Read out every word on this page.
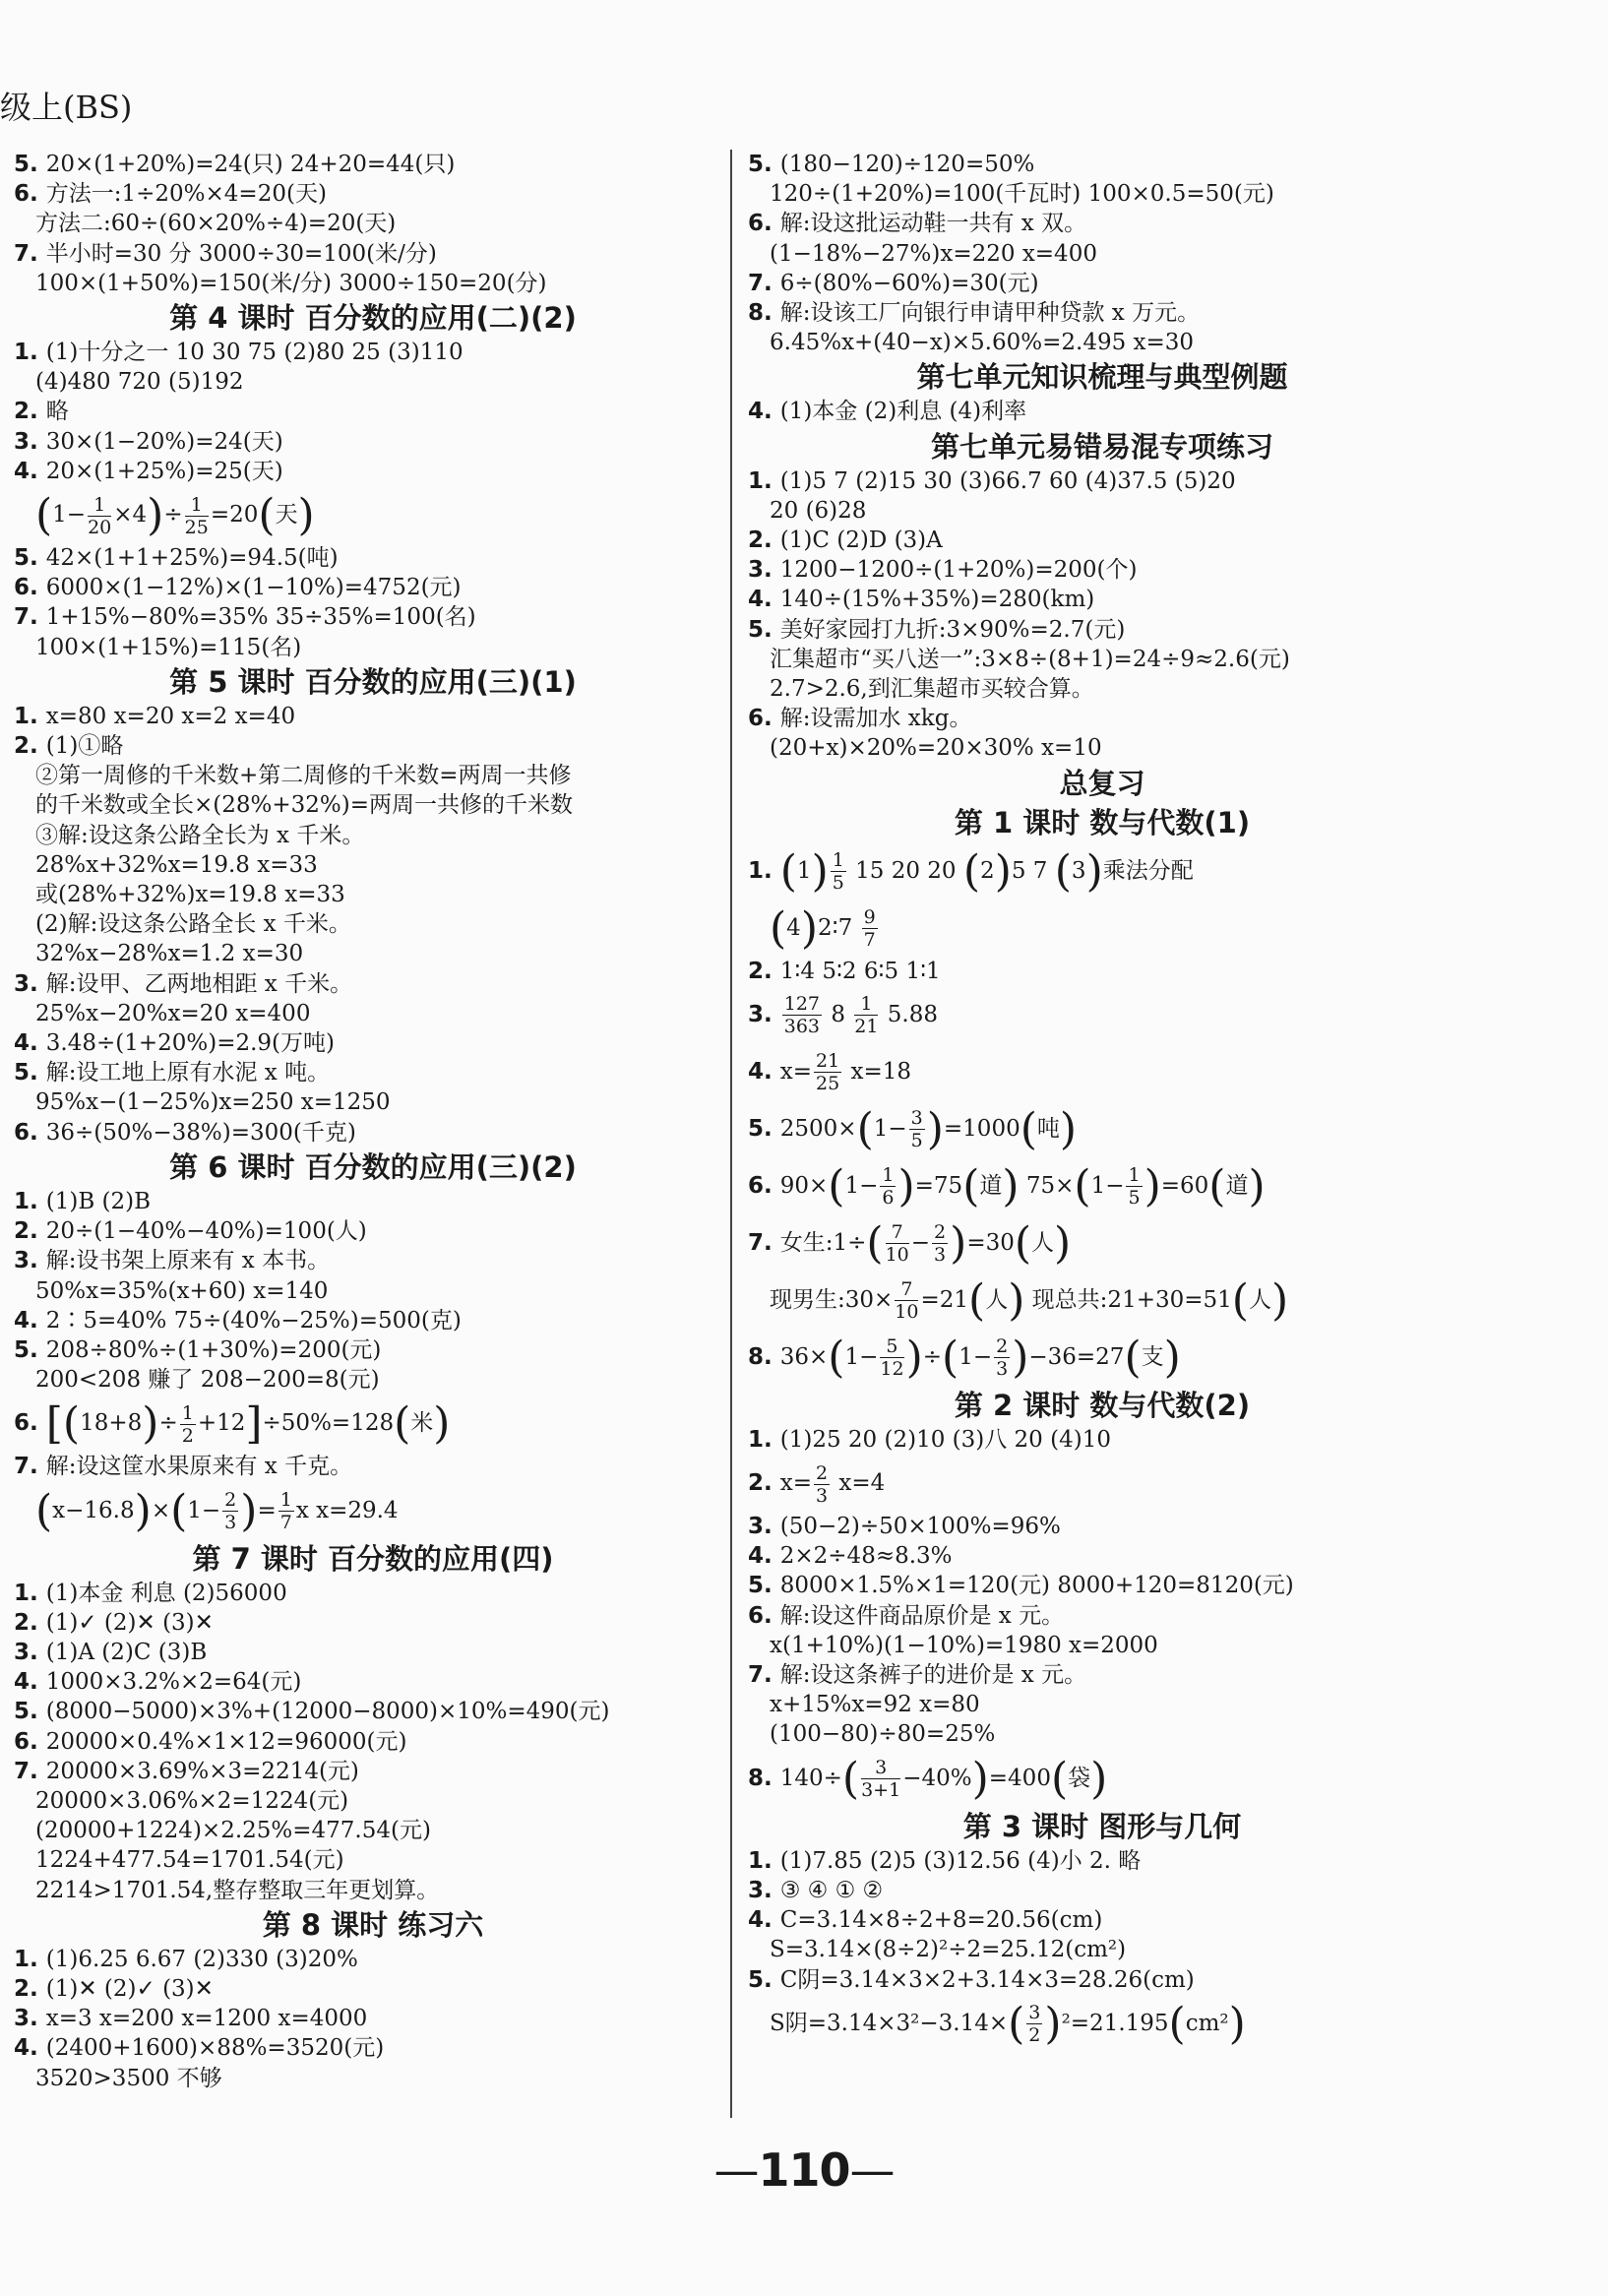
级上(BS)
5. 20×(1+20%)=24(只) 24+20=44(只)
6. 方法一:1÷20%×4=20(天)
方法二:60÷(60×20%÷4)=20(天)
7. 半小时=30 分 3000÷30=100(米/分)
100×(1+50%)=150(米/分) 3000÷150=20(分)
第 4 课时 百分数的应用(二)(2)
1. (1)十分之一 10 30 75 (2)80 25 (3)110
(4)480 720 (5)192
2. 略
3. 30×(1−20%)=24(天)
4. 20×(1+25%)=25(天)
$(1- \frac{1}{20} \times 4)\div \frac{1}{25} =20$(天)
5. 42×(1+1+25%)=94.5(吨)
6. 6000×(1−12%)×(1−10%)=4752(元)
7. 1+15%−80%=35% 35÷35%=100(名)
100×(1+15%)=115(名)
第 5 课时 百分数的应用(三)(1)
1. x=80 x=20 x=2 x=40
2. (1)①略
②第一周修的千米数+第二周修的千米数=两周一共修
的千米数或全长×(28%+32%)=两周一共修的千米数
③解:设这条公路全长为 x 千米。
28%x+32%x=19.8 x=33
或(28%+32%)x=19.8 x=33
(2)解:设这条公路全长 x 千米。
32%x−28%x=1.2 x=30
3. 解:设甲、乙两地相距 x 千米。
25%x−20%x=20 x=400
4. 3.48÷(1+20%)=2.9(万吨)
5. 解:设工地上原有水泥 x 吨。
95%x−(1−25%)x=250 x=1250
6. 36÷(50%−38%)=300(千克)
第 6 课时 百分数的应用(三)(2)
1. (1)B (2)B
2. 20÷(1−40%−40%)=100(人)
3. 解:设书架上原来有 x 本书。
50%x=35%(x+60) x=140
4. 2∶5=40% 75÷(40%−25%)=500(克)
5. 208÷80%÷(1+30%)=200(元)
200<208 赚了 208−200=8(元)
6. $[(18+8)\div \frac{1}{2} +12]\div 50\%=128$(米)
7. 解:设这筐水果原来有 x 千克。
$(x-16.8)\times(1- \frac{2}{3}$ )= $\frac{1}{7}$ x x=29.4
第 7 课时 百分数的应用(四)
1. (1)本金 利息 (2)56000
2. (1)✓ (2)✕ (3)✕
3. (1)A (2)C (3)B
4. 1000×3.2%×2=64(元)
5. (8000−5000)×3%+(12000−8000)×10%=490(元)
6. 20000×0.4%×1×12=96000(元)
7. 20000×3.69%×3=2214(元)
20000×3.06%×2=1224(元)
(20000+1224)×2.25%=477.54(元)
1224+477.54=1701.54(元)
2214>1701.54,整存整取三年更划算。
第 8 课时 练习六
1. (1)6.25 6.67 (2)330 (3)20%
2. (1)✕ (2)✓ (3)✕
3. x=3 x=200 x=1200 x=4000
4. (2400+1600)×88%=3520(元)
3520>3500 不够
5. (180−120)÷120=50%
120÷(1+20%)=100(千瓦时) 100×0.5=50(元)
6. 解:设这批运动鞋一共有 x 双。
(1−18%−27%)x=220 x=400
7. 6÷(80%−60%)=30(元)
8. 解:设该工厂向银行申请甲种贷款 x 万元。
6.45%x+(40−x)×5.60%=2.495 x=30
第七单元知识梳理与典型例题
4. (1)本金 (2)利息 (4)利率
第七单元易错易混专项练习
1. (1)5 7 (2)15 30 (3)66.7 60 (4)37.5 (5)20
20 (6)28
2. (1)C (2)D (3)A
3. 1200−1200÷(1+20%)=200(个)
4. 140÷(15%+35%)=280(km)
5. 美好家园打九折:3×90%=2.7(元)
汇集超市“买八送一”:3×8÷(8+1)=24÷9≈2.6(元)
2.7>2.6,到汇集超市买较合算。
6. 解:设需加水 xkg。
(20+x)×20%=20×30% x=10
总复习
第 1 课时 数与代数(1)
1. $(1) \frac{1}{5} 15$ 20 20 (2)5 7 (3)乘法分配
(4)2∶7 $\frac{9}{7}$
2. 1∶4 5∶2 6∶5 1∶1
3. $\frac{127}{363} 8 \frac{1}{21} 5.88$
4. $x= \frac{21}{25} x=18$
5. $2500\times(1- \frac{3}{5} )=1000$(吨)
6. $90\times(1- \frac{1}{6} )=75$(道) $75\times(1- \frac{1}{5} )=60$(道)
7. 女生:1÷( $\frac{7}{10} - \frac{2}{3} )=30$(人)
现男生:30× $\frac{7}{10} =21$(人) 现总共:21+30=51(人)
8. $36\times(1- \frac{5}{12} )\div(1- \frac{2}{3} )-36=27$(支)
第 2 课时 数与代数(2)
1. (1)25 20 (2)10 (3)八 20 (4)10
2. $x= \frac{2}{3} x=4$
3. (50−2)÷50×100%=96%
4. 2×2÷48≈8.3%
5. 8000×1.5%×1=120(元) 8000+120=8120(元)
6. 解:设这件商品原价是 x 元。
x(1+10%)(1−10%)=1980 x=2000
7. 解:设这条裤子的进价是 x 元。
x+15%x=92 x=80
(100−80)÷80=25%
8. $140\div( \frac{3}{3+1} -40\%)=400$(袋)
第 3 课时 图形与几何
1. (1)7.85 (2)5 (3)12.56 (4)小 2. 略
3. ③ ④ ① ②
4. C=3.14×8÷2+8=20.56(cm)
S=3.14×(8÷2)²÷2=25.12(cm²)
5. C阴=3.14×3×2+3.14×3=28.26(cm)
S阴$=3.14\times 3^2-3.14\times( \frac{3}{2} )^2=21.195(cm^2)$
— 110 —
